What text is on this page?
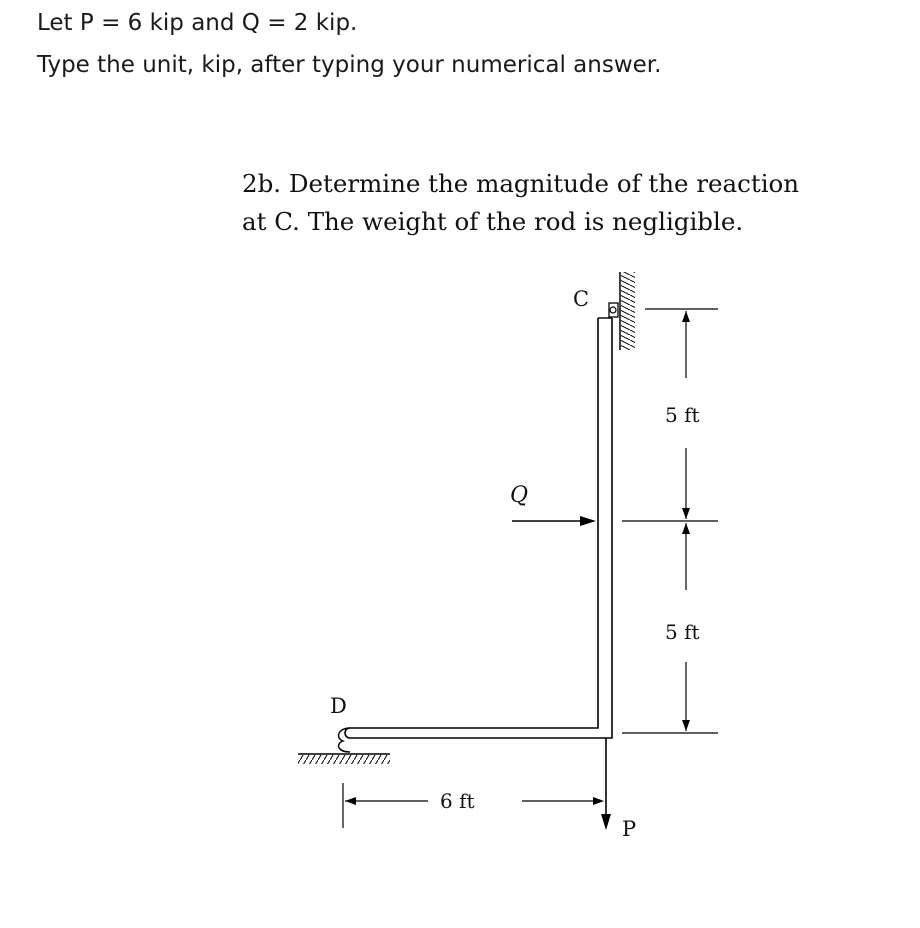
Let P = 6 kip and Q = 2 kip.
Type the unit, kip, after typing your numerical answer.
2b. Determine the magnitude of the reaction
at C. The weight of the rod is negligible.
C
D
Q
P
5 ft
5 ft
6 ft
